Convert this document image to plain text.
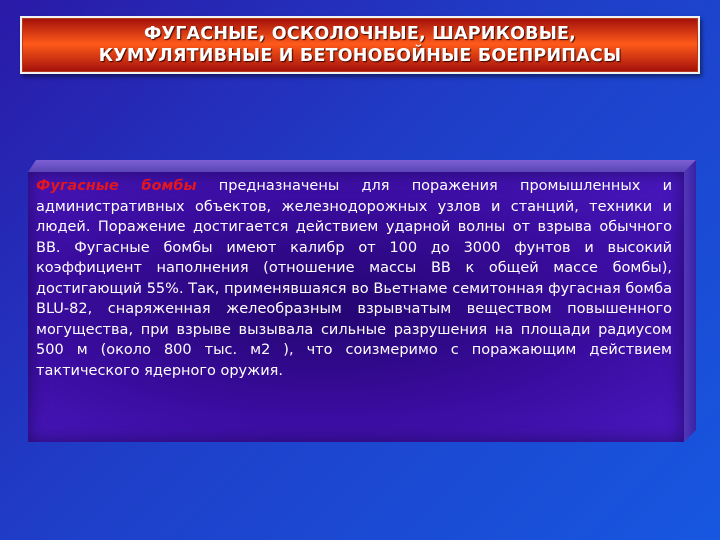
ФУГАСНЫЕ, ОСКОЛОЧНЫЕ, ШАРИКОВЫЕ,
КУМУЛЯТИВНЫЕ И БЕТОНОБОЙНЫЕ БОЕПРИПАСЫ

Фугасные бомбы предназначены для поражения промышленных и административных объектов, железнодорожных узлов и станций, техники и людей. Поражение достигается действием ударной волны от взрыва обычного ВВ. Фугасные бомбы имеют калибр от 100 до 3000 фунтов и высокий коэффициент наполнения (отношение массы ВВ к общей массе бомбы), достигающий 55%. Так, применявшаяся во Вьетнаме семитонная фугасная бомба BLU-82, снаряженная желеобразным взрывчатым веществом повышенного могущества, при взрыве вызывала сильные разрушения на площади радиусом 500 м (около 800 тыс. м2 ), что соизмеримо с поражающим действием тактического ядерного оружия.
